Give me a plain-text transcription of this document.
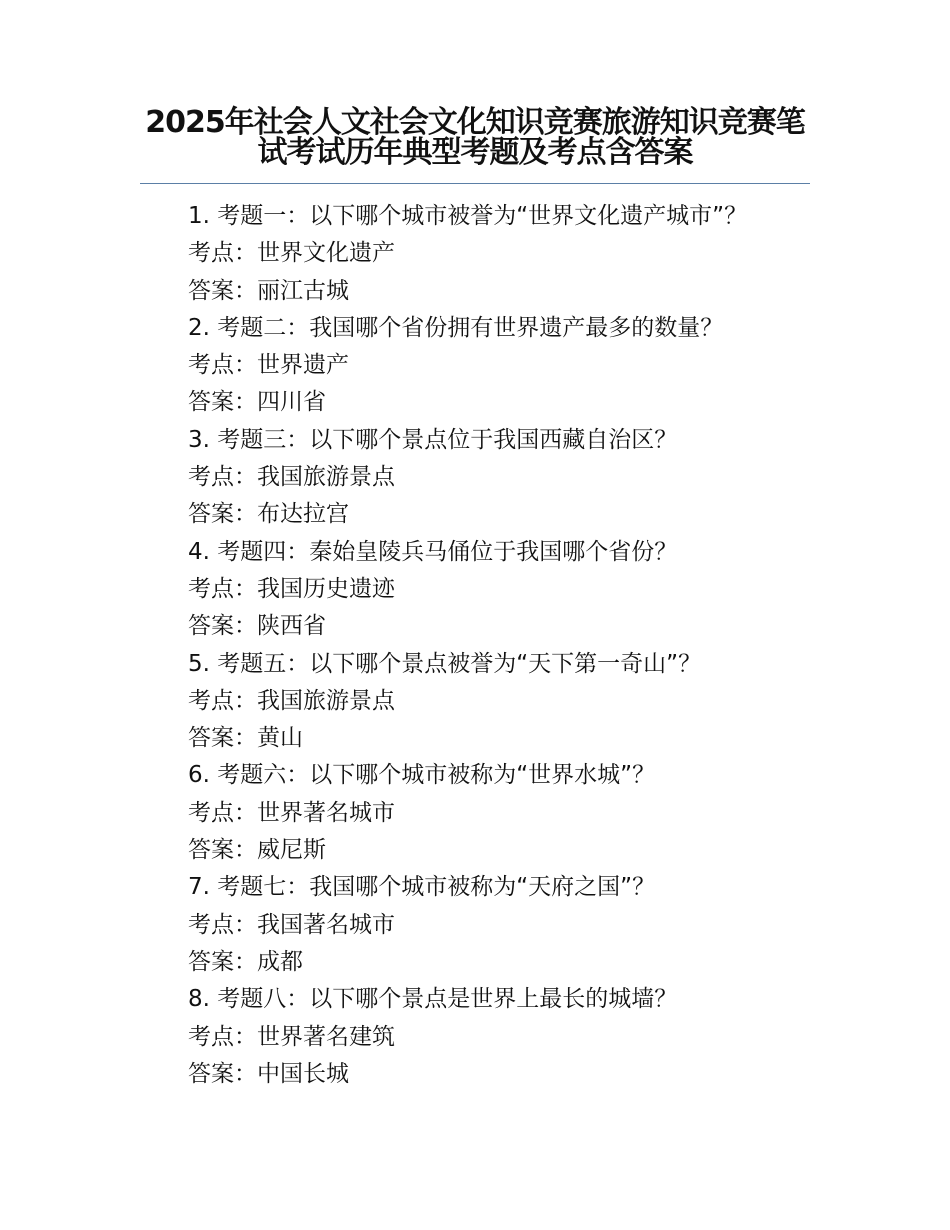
2025年社会人文社会文化知识竞赛旅游知识竞赛笔试考试历年典型考题及考点含答案
1. 考题一：以下哪个城市被誉为“世界文化遗产城市”？
考点：世界文化遗产
答案：丽江古城
2. 考题二：我国哪个省份拥有世界遗产最多的数量？
考点：世界遗产
答案：四川省
3. 考题三：以下哪个景点位于我国西藏自治区？
考点：我国旅游景点
答案：布达拉宫
4. 考题四：秦始皇陵兵马俑位于我国哪个省份？
考点：我国历史遗迹
答案：陕西省
5. 考题五：以下哪个景点被誉为“天下第一奇山”？
考点：我国旅游景点
答案：黄山
6. 考题六：以下哪个城市被称为“世界水城”？
考点：世界著名城市
答案：威尼斯
7. 考题七：我国哪个城市被称为“天府之国”？
考点：我国著名城市
答案：成都
8. 考题八：以下哪个景点是世界上最长的城墙？
考点：世界著名建筑
答案：中国长城
